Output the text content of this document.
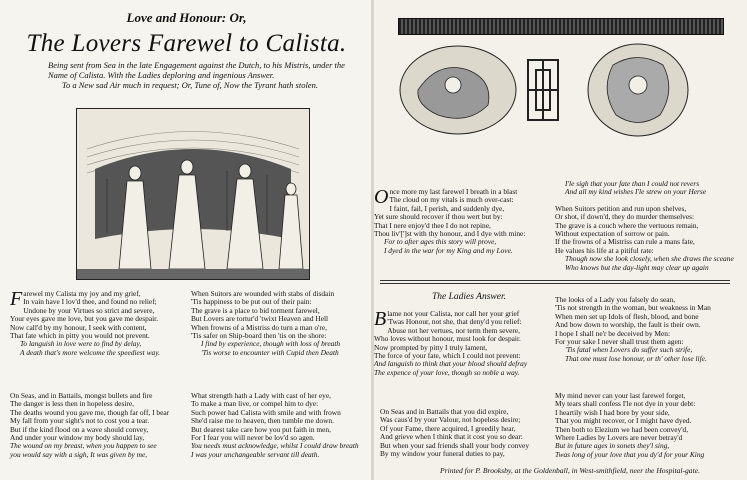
Love and Honour: Or,
The Lovers Farewel to Calista.
Being sent from Sea in the late Engagement against the Dutch, to his Mistris, under the
Name of Calista. With the Ladies deploring and ingenious Answer.
To a New sad Air much in request; Or, Tune of, Now the Tyrant hath stolen.
Farewel my Calista my joy and my grief,
In vain have I lov'd thee, and found no relief;
Undone by your Virtues so strict and severe,
Your eyes gave me love, but you gave me despair.
Now call'd by my honour, I seek with content,
That fate which in pitty you would not prevent.
To languish in love were to find by delay,
A death that's more welcome the speediest way.
On Seas, and in Battails, mongst bullets and fire
The danger is less then in hopeless desire,
The deaths wound you gave me, though far off, I bear
My fall from your sight's not to cost you a tear.
But if the kind flood on a wave should convey,
And under your window my body should lay,
The wound on my breast, when you happen to see
you would say with a sigh, It was given by me,
When Suitors are wounded with stabs of disdain
'Tis happiness to be put out of their pain:
The grave is a place to bid torment farewel,
But Lovers are tortur'd 'twixt Heaven and Hell
When frowns of a Mistriss do turn a man o're,
'Tis safer on Ship-board then 'tis on the shore:
I find by experience, though with loss of breath
'Tis worse to encounter with Cupid then Death
What strength hath a Lady with cast of her eye,
To make a man live, or compel him to dye:
Such power had Calista with smile and with frown
She'd raise me to heaven, then tumble me down.
But dearest take care how you put faith in men,
For I fear you will never be lov'd so agen.
You needs must acknowledge, whilst I could draw breath
I was your unchangeable servant till death.
Once more my last farewel I breath in a blast
The cloud on my vitals is much over-cast:
I faint, fail, I perish, and suddenly dye,
Yet sure should recover if thou wert but by:
That I nere enjoy'd thee I do not repine,
Thou liv'[']st with thy honour, and I dye with mine:
For to after ages this story will prove,
I dyed in the war for my King and my Love.
I'le sigh that your fate than I could not revers
And all my kind wishes I'le strew on your Herse
When Suitors petition and run upon shelves,
Or shot, if down'd, they do murder themselves:
The grave is a couch where the vertuous remain,
Without expectation of sorrow or pain.
If the frowns of a Mistriss can rule a mans fate,
He values his life at a pitiful rate:
Though now she look closely, when she draws the sceane
Who knows but the day-light may clear up again
The Ladies Answer.
Blame not your Calista, nor call her your grief
'Twas Honour, not she, that deny'd you relief:
Abuse not her vertues, nor term them severe,
Who loves without honour, must look for despair.
Now prompted by pitty I truly lament,
The force of your fate, which I could not prevent:
And languish to think that your blood should defray
The expence of your love, though so noble a way.
On Seas and in Battails that you did expire,
Was caus'd by your Valour, not hopeless desire;
Of your Fame, there acquired, I greedily hear,
And grieve when I think that it cost you so dear:
But when your sad friends shall your body convey
By my window your funeral duties to pay,
The looks of a Lady you falsely do sean,
'Tis not strength in the woman, but weakness in Man
When men set up Idols of flesh, blood, and bone
And bow down to worship, the fault is their own.
I hope I shall ne'r be deceived by Men:
For your sake I never shall trust them agen:
'Tis fatal when Lovers do suffer such strife,
That one must lose honour, or th' other lose life.
My mind never can your last farewel forget,
My tears shall confess I'le not dye in your debt:
I heartily wish I had bore by your side,
That you might recover, or I might have dyed.
Then both to Elezium we had been convey'd,
Where Ladies by Lovers are never betray'd
But in future ages in sonets they'l sing,
Twas long of your love that you dy'd for your King
Printed for P. Brooksby, at the Goldenball, in West-smithfield, neer the Hospital-gate.
